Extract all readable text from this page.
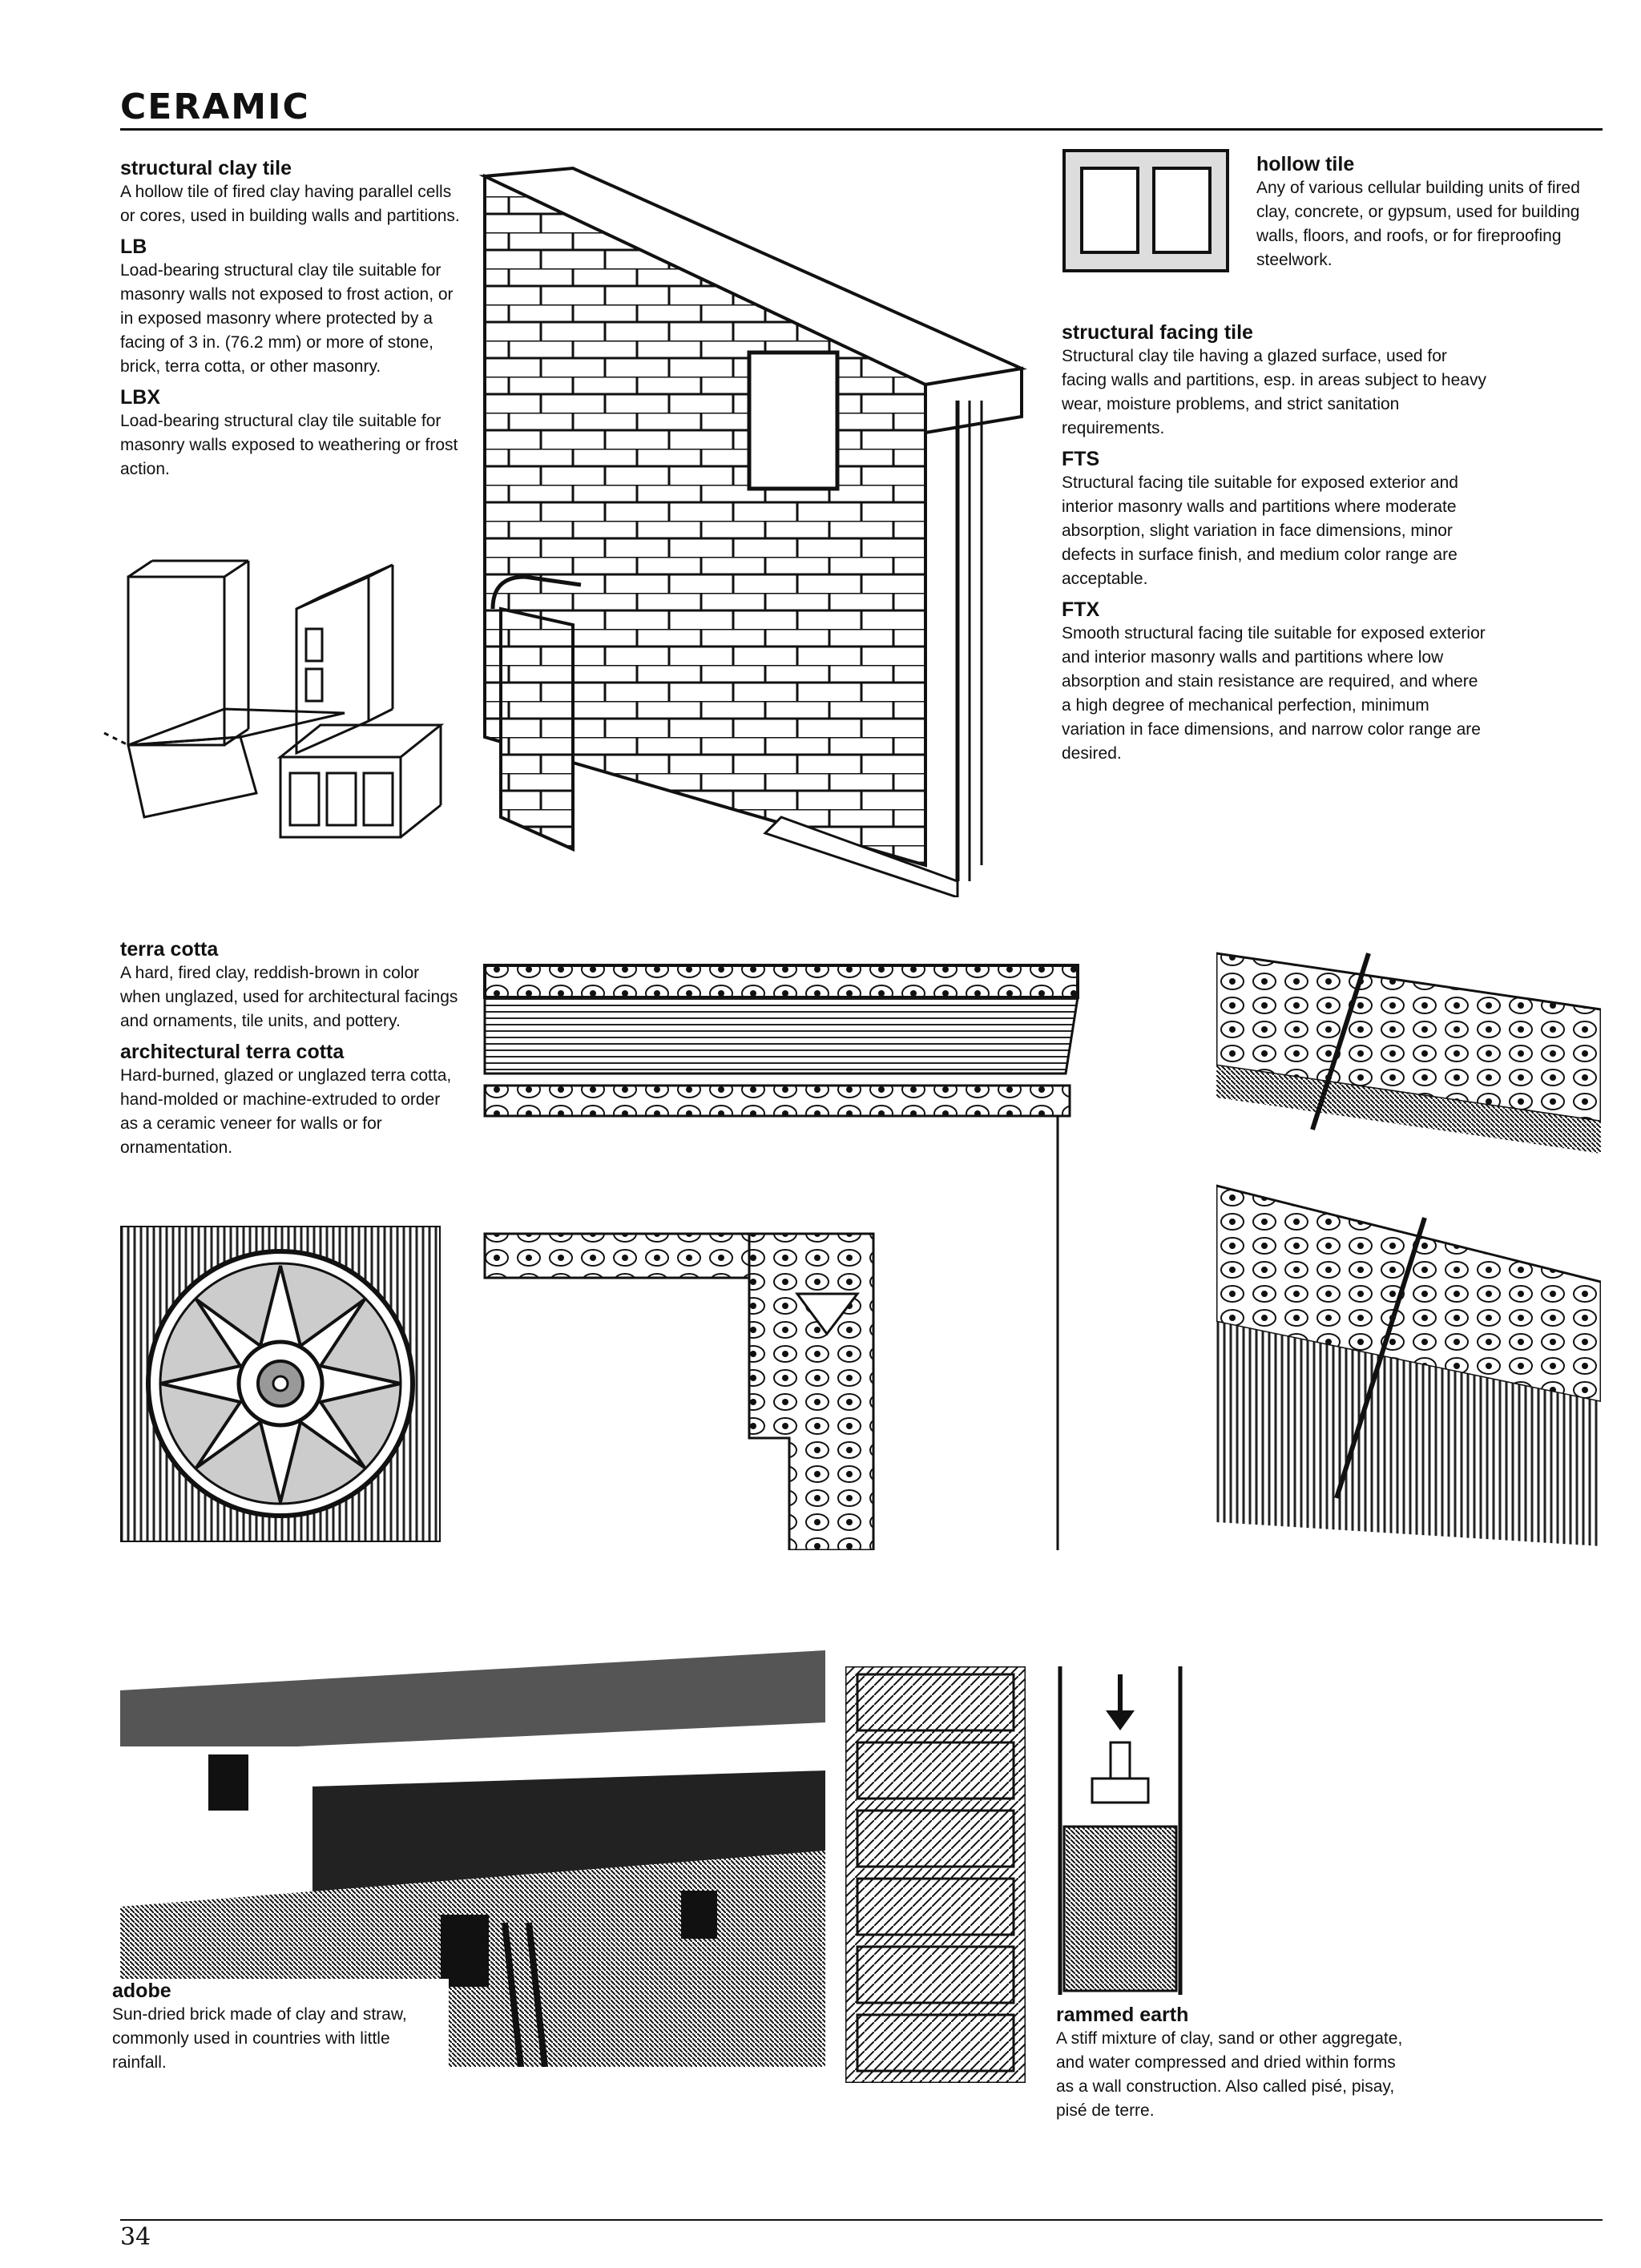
CERAMIC

structural clay tile

A hollow tile of fired clay having parallel cells or cores, used in building walls and partitions.

LB

Load-bearing structural clay tile suitable for masonry walls not exposed to frost action, or in exposed masonry where protected by a facing of 3 in. (76.2 mm) or more of stone, brick, terra cotta, or other masonry.

LBX

Load-bearing structural clay tile suitable for masonry walls exposed to weathering or frost action.

hollow tile

Any of various cellular building units of fired clay, concrete, or gypsum, used for building walls, floors, and roofs, or for fireproofing steelwork.

structural facing tile

Structural clay tile having a glazed surface, used for facing walls and partitions, esp. in areas subject to heavy wear, moisture problems, and strict sanitation requirements.

FTS

Structural facing tile suitable for exposed exterior and interior masonry walls and partitions where moderate absorption, slight variation in face dimensions, minor defects in surface finish, and medium color range are acceptable.

FTX

Smooth structural facing tile suitable for exposed exterior and interior masonry walls and partitions where low absorption and stain resistance are required, and where a high degree of mechanical perfection, minimum variation in face dimensions, and narrow color range are desired.

terra cotta

A hard, fired clay, reddish-brown in color when unglazed, used for architectural facings and ornaments, tile units, and pottery.

architectural terra cotta

Hard-burned, glazed or unglazed terra cotta, hand-molded or machine-extruded to order as a ceramic veneer for walls or for ornamentation.

adobe

Sun-dried brick made of clay and straw, commonly used in countries with little rainfall.

rammed earth

A stiff mixture of clay, sand or other aggregate, and water compressed and dried within forms as a wall construction. Also called pisé, pisay, pisé de terre.

34
